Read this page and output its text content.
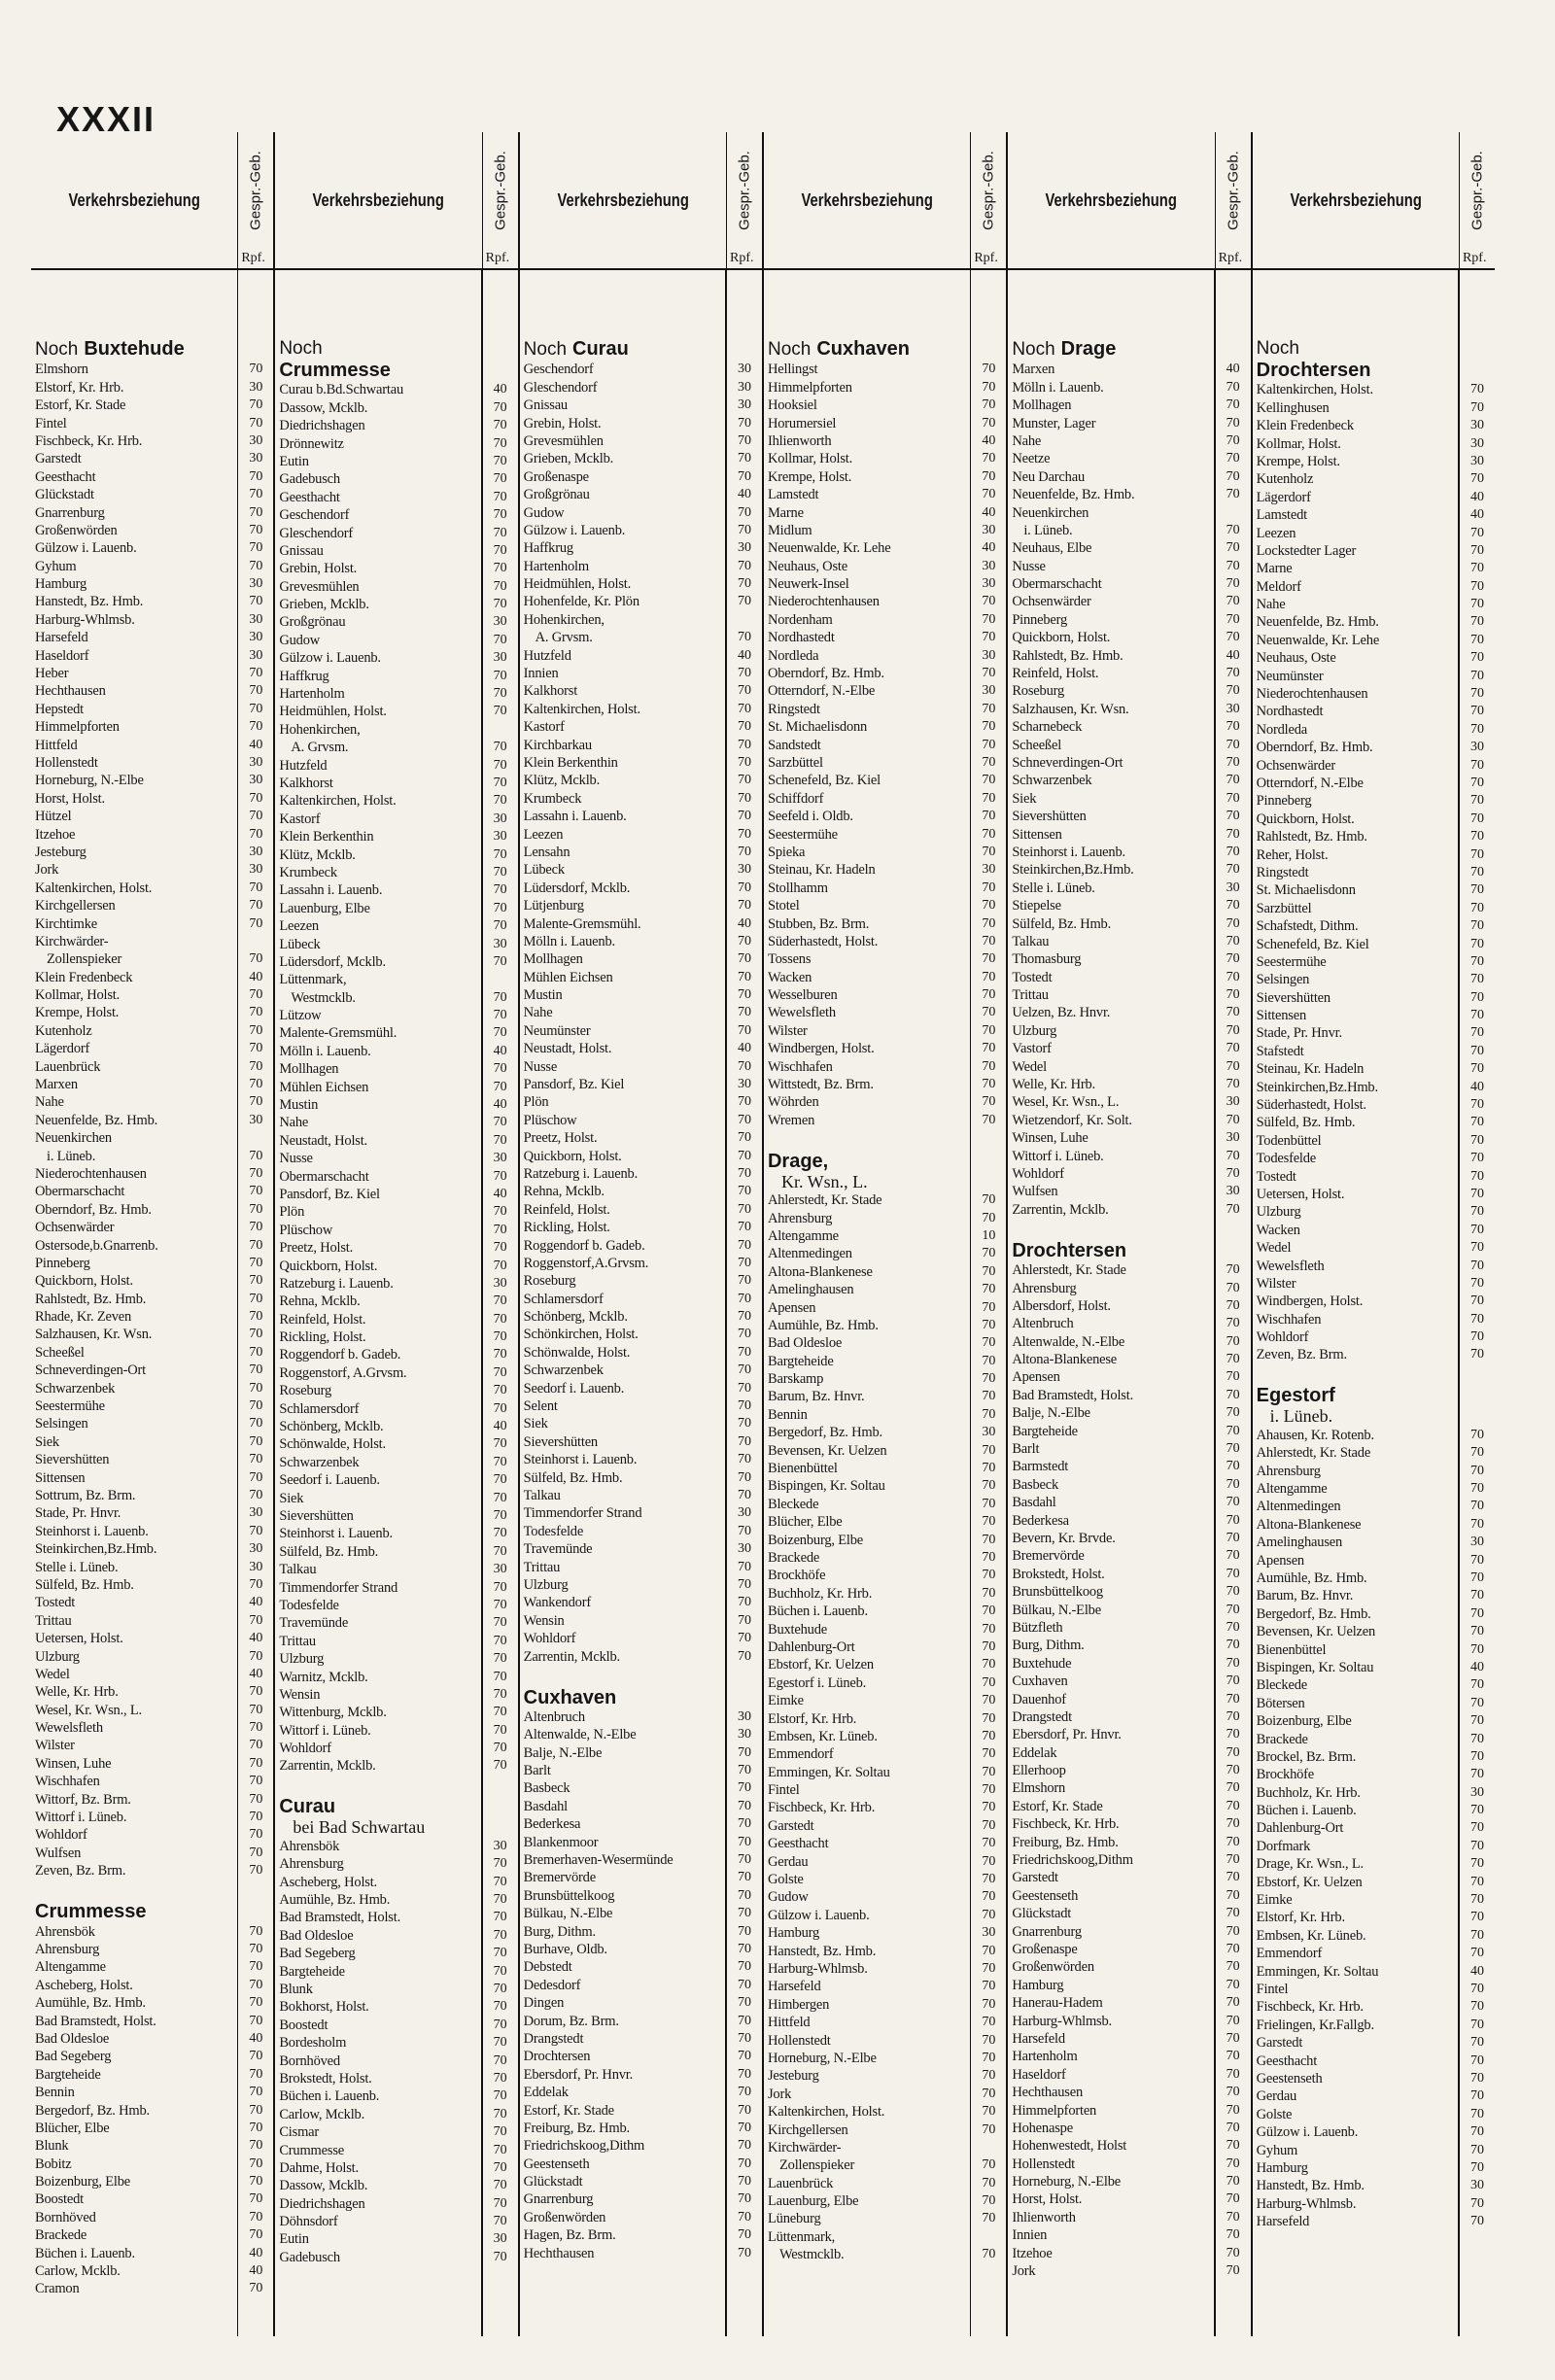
XXXII
Verkehrsbeziehung	Gespr.-Geb.
Rpf.
Noch Buxtehude
Elmshorn	70
Elstorf, Kr. Hrb.	30
Estorf, Kr. Stade	70
Fintel	70
Fischbeck, Kr. Hrb.	30
Garstedt	30
Geesthacht	70
Glückstadt	70
Gnarrenburg	70
Großenwörden	70
Gülzow i. Lauenb.	70
Gyhum	70
Hamburg	30
Hanstedt, Bz. Hmb.	70
Harburg-Whlmsb.	30
Harsefeld	30
Haseldorf	30
Heber	70
Hechthausen	70
Hepstedt	70
Himmelpforten	70
Hittfeld	40
Hollenstedt	30
Horneburg, N.-Elbe	30
Horst, Holst.	70
Hützel	70
Itzehoe	70
Jesteburg	30
Jork	30
Kaltenkirchen, Holst.	70
Kirchgellersen	70
Kirchtimke	70
Kirchwärder-
Zollenspieker	70
Klein Fredenbeck	40
Kollmar, Holst.	70
Krempe, Holst.	70
Kutenholz	70
Lägerdorf	70
Lauenbrück	70
Marxen	70
Nahe	70
Neuenfelde, Bz. Hmb.	30
Neuenkirchen
i. Lüneb.	70
Niederochtenhausen	70
Obermarschacht	70
Oberndorf, Bz. Hmb.	70
Ochsenwärder	70
Ostersode,b.Gnarrenb.	70
Pinneberg	70
Quickborn, Holst.	70
Rahlstedt, Bz. Hmb.	70
Rhade, Kr. Zeven	70
Salzhausen, Kr. Wsn.	70
Scheeßel	70
Schneverdingen-Ort	70
Schwarzenbek	70
Seestermühe	70
Selsingen	70
Siek	70
Sievershütten	70
Sittensen	70
Sottrum, Bz. Brm.	70
Stade, Pr. Hnvr.	30
Steinhorst i. Lauenb.	70
Steinkirchen,Bz.Hmb.	30
Stelle i. Lüneb.	30
Sülfeld, Bz. Hmb.	70
Tostedt	40
Trittau	70
Uetersen, Holst.	40
Ulzburg	70
Wedel	40
Welle, Kr. Hrb.	70
Wesel, Kr. Wsn., L.	70
Wewelsfleth	70
Wilster	70
Winsen, Luhe	70
Wischhafen	70
Wittorf, Bz. Brm.	70
Wittorf i. Lüneb.	70
Wohldorf	70
Wulfsen	70
Zeven, Bz. Brm.	70
Crummesse
Ahrensbök	70
Ahrensburg	70
Altengamme	70
Ascheberg, Holst.	70
Aumühle, Bz. Hmb.	70
Bad Bramstedt, Holst.	70
Bad Oldesloe	40
Bad Segeberg	70
Bargteheide	70
Bennin	70
Bergedorf, Bz. Hmb.	70
Blücher, Elbe	70
Blunk	70
Bobitz	70
Boizenburg, Elbe	70
Boostedt	70
Bornhöved	70
Brackede	70
Büchen i. Lauenb.	40
Carlow, Mcklb.	40
Cramon	70
Verkehrsbeziehung	Gespr.-Geb.
Rpf.
Noch
Crummesse
Curau b.Bd.Schwartau	40
Dassow, Mcklb.	70
Diedrichshagen	70
Drönnewitz	70
Eutin	70
Gadebusch	70
Geesthacht	70
Geschendorf	70
Gleschendorf	70
Gnissau	70
Grebin, Holst.	70
Grevesmühlen	70
Grieben, Mcklb.	70
Großgrönau	30
Gudow	70
Gülzow i. Lauenb.	30
Haffkrug	70
Hartenholm	70
Heidmühlen, Holst.	70
Hohenkirchen,
A. Grvsm.	70
Hutzfeld	70
Kalkhorst	70
Kaltenkirchen, Holst.	70
Kastorf	30
Klein Berkenthin	30
Klütz, Mcklb.	70
Krumbeck	70
Lassahn i. Lauenb.	70
Lauenburg, Elbe	70
Leezen	70
Lübeck	30
Lüdersdorf, Mcklb.	70
Lüttenmark,
Westmcklb.	70
Lützow	70
Malente-Gremsmühl.	70
Mölln i. Lauenb.	40
Mollhagen	70
Mühlen Eichsen	70
Mustin	40
Nahe	70
Neustadt, Holst.	70
Nusse	30
Obermarschacht	70
Pansdorf, Bz. Kiel	40
Plön	70
Plüschow	70
Preetz, Holst.	70
Quickborn, Holst.	70
Ratzeburg i. Lauenb.	30
Rehna, Mcklb.	70
Reinfeld, Holst.	70
Rickling, Holst.	70
Roggendorf b. Gadeb.	70
Roggenstorf, A.Grvsm.	70
Roseburg	70
Schlamersdorf	70
Schönberg, Mcklb.	40
Schönwalde, Holst.	70
Schwarzenbek	70
Seedorf i. Lauenb.	70
Siek	70
Sievershütten	70
Steinhorst i. Lauenb.	70
Sülfeld, Bz. Hmb.	70
Talkau	30
Timmendorfer Strand	70
Todesfelde	70
Travemünde	70
Trittau	70
Ulzburg	70
Warnitz, Mcklb.	70
Wensin	70
Wittenburg, Mcklb.	70
Wittorf i. Lüneb.	70
Wohldorf	70
Zarrentin, Mcklb.	70
Curau
bei Bad Schwartau
Ahrensbök	30
Ahrensburg	70
Ascheberg, Holst.	70
Aumühle, Bz. Hmb.	70
Bad Bramstedt, Holst.	70
Bad Oldesloe	70
Bad Segeberg	70
Bargteheide	70
Blunk	70
Bokhorst, Holst.	70
Boostedt	70
Bordesholm	70
Bornhöved	70
Brokstedt, Holst.	70
Büchen i. Lauenb.	70
Carlow, Mcklb.	70
Cismar	70
Crummesse	70
Dahme, Holst.	70
Dassow, Mcklb.	70
Diedrichshagen	70
Döhnsdorf	70
Eutin	30
Gadebusch	70
Verkehrsbeziehung	Gespr.-Geb.
Rpf.
Noch Curau
Geschendorf	30
Gleschendorf	30
Gnissau	30
Grebin, Holst.	70
Grevesmühlen	70
Grieben, Mcklb.	70
Großenaspe	70
Großgrönau	40
Gudow	70
Gülzow i. Lauenb.	70
Haffkrug	30
Hartenholm	70
Heidmühlen, Holst.	70
Hohenfelde, Kr. Plön	70
Hohenkirchen,
A. Grvsm.	70
Hutzfeld	40
Innien	70
Kalkhorst	70
Kaltenkirchen, Holst.	70
Kastorf	70
Kirchbarkau	70
Klein Berkenthin	70
Klütz, Mcklb.	70
Krumbeck	70
Lassahn i. Lauenb.	70
Leezen	70
Lensahn	70
Lübeck	30
Lüdersdorf, Mcklb.	70
Lütjenburg	70
Malente-Gremsmühl.	40
Mölln i. Lauenb.	70
Mollhagen	70
Mühlen Eichsen	70
Mustin	70
Nahe	70
Neumünster	70
Neustadt, Holst.	40
Nusse	70
Pansdorf, Bz. Kiel	30
Plön	70
Plüschow	70
Preetz, Holst.	70
Quickborn, Holst.	70
Ratzeburg i. Lauenb.	70
Rehna, Mcklb.	70
Reinfeld, Holst.	70
Rickling, Holst.	70
Roggendorf b. Gadeb.	70
Roggenstorf,A.Grvsm.	70
Roseburg	70
Schlamersdorf	70
Schönberg, Mcklb.	70
Schönkirchen, Holst.	70
Schönwalde, Holst.	70
Schwarzenbek	70
Seedorf i. Lauenb.	70
Selent	70
Siek	70
Sievershütten	70
Steinhorst i. Lauenb.	70
Sülfeld, Bz. Hmb.	70
Talkau	70
Timmendorfer Strand	30
Todesfelde	70
Travemünde	30
Trittau	70
Ulzburg	70
Wankendorf	70
Wensin	70
Wohldorf	70
Zarrentin, Mcklb.	70
Cuxhaven
Altenbruch	30
Altenwalde, N.-Elbe	30
Balje, N.-Elbe	70
Barlt	70
Basbeck	70
Basdahl	70
Bederkesa	70
Blankenmoor	70
Bremerhaven-Wesermünde	70
Bremervörde	70
Brunsbüttelkoog	70
Bülkau, N.-Elbe	70
Burg, Dithm.	70
Burhave, Oldb.	70
Debstedt	70
Dedesdorf	70
Dingen	70
Dorum, Bz. Brm.	70
Drangstedt	70
Drochtersen	70
Ebersdorf, Pr. Hnvr.	70
Eddelak	70
Estorf, Kr. Stade	70
Freiburg, Bz. Hmb.	70
Friedrichskoog,Dithm	70
Geestenseth	70
Glückstadt	70
Gnarrenburg	70
Großenwörden	70
Hagen, Bz. Brm.	70
Hechthausen	70
Verkehrsbeziehung	Gespr.-Geb.
Rpf.
Noch Cuxhaven
Hellingst	70
Himmelpforten	70
Hooksiel	70
Horumersiel	70
Ihlienworth	40
Kollmar, Holst.	70
Krempe, Holst.	70
Lamstedt	70
Marne	40
Midlum	30
Neuenwalde, Kr. Lehe	40
Neuhaus, Oste	30
Neuwerk-Insel	30
Niederochtenhausen	70
Nordenham	70
Nordhastedt	70
Nordleda	30
Oberndorf, Bz. Hmb.	70
Otterndorf, N.-Elbe	30
Ringstedt	70
St. Michaelisdonn	70
Sandstedt	70
Sarzbüttel	70
Schenefeld, Bz. Kiel	70
Schiffdorf	70
Seefeld i. Oldb.	70
Seestermühe	70
Spieka	70
Steinau, Kr. Hadeln	30
Stollhamm	70
Stotel	70
Stubben, Bz. Brm.	70
Süderhastedt, Holst.	70
Tossens	70
Wacken	70
Wesselburen	70
Wewelsfleth	70
Wilster	70
Windbergen, Holst.	70
Wischhafen	70
Wittstedt, Bz. Brm.	70
Wöhrden	70
Wremen	70
Drage,
Kr. Wsn., L.
Ahlerstedt, Kr. Stade	70
Ahrensburg	70
Altengamme	10
Altenmedingen	70
Altona-Blankenese	70
Amelinghausen	70
Apensen	70
Aumühle, Bz. Hmb.	70
Bad Oldesloe	70
Bargteheide	70
Barskamp	70
Barum, Bz. Hnvr.	70
Bennin	70
Bergedorf, Bz. Hmb.	30
Bevensen, Kr. Uelzen	70
Bienenbüttel	70
Bispingen, Kr. Soltau	70
Bleckede	70
Blücher, Elbe	70
Boizenburg, Elbe	70
Brackede	70
Brockhöfe	70
Buchholz, Kr. Hrb.	70
Büchen i. Lauenb.	70
Buxtehude	70
Dahlenburg-Ort	70
Ebstorf, Kr. Uelzen	70
Egestorf i. Lüneb.	70
Eimke	70
Elstorf, Kr. Hrb.	70
Embsen, Kr. Lüneb.	70
Emmendorf	70
Emmingen, Kr. Soltau	70
Fintel	70
Fischbeck, Kr. Hrb.	70
Garstedt	70
Geesthacht	70
Gerdau	70
Golste	70
Gudow	70
Gülzow i. Lauenb.	70
Hamburg	30
Hanstedt, Bz. Hmb.	70
Harburg-Whlmsb.	70
Harsefeld	70
Himbergen	70
Hittfeld	70
Hollenstedt	70
Horneburg, N.-Elbe	70
Jesteburg	70
Jork	70
Kaltenkirchen, Holst.	70
Kirchgellersen	70
Kirchwärder-
Zollenspieker	70
Lauenbrück	70
Lauenburg, Elbe	70
Lüneburg	70
Lüttenmark,
Westmcklb.	70
Verkehrsbeziehung	Gespr.-Geb.
Rpf.
Noch Drage
Marxen	40
Mölln i. Lauenb.	70
Mollhagen	70
Munster, Lager	70
Nahe	70
Neetze	70
Neu Darchau	70
Neuenfelde, Bz. Hmb.	70
Neuenkirchen
i. Lüneb.	70
Neuhaus, Elbe	70
Nusse	70
Obermarschacht	70
Ochsenwärder	70
Pinneberg	70
Quickborn, Holst.	70
Rahlstedt, Bz. Hmb.	40
Reinfeld, Holst.	70
Roseburg	70
Salzhausen, Kr. Wsn.	30
Scharnebeck	70
Scheeßel	70
Schneverdingen-Ort	70
Schwarzenbek	70
Siek	70
Sievershütten	70
Sittensen	70
Steinhorst i. Lauenb.	70
Steinkirchen,Bz.Hmb.	70
Stelle i. Lüneb.	30
Stiepelse	70
Sülfeld, Bz. Hmb.	70
Talkau	70
Thomasburg	70
Tostedt	70
Trittau	70
Uelzen, Bz. Hnvr.	70
Ulzburg	70
Vastorf	70
Wedel	70
Welle, Kr. Hrb.	70
Wesel, Kr. Wsn., L.	30
Wietzendorf, Kr. Solt.	70
Winsen, Luhe	30
Wittorf i. Lüneb.	70
Wohldorf	70
Wulfsen	30
Zarrentin, Mcklb.	70
Drochtersen
Ahlerstedt, Kr. Stade	70
Ahrensburg	70
Albersdorf, Holst.	70
Altenbruch	70
Altenwalde, N.-Elbe	70
Altona-Blankenese	70
Apensen	70
Bad Bramstedt, Holst.	70
Balje, N.-Elbe	70
Bargteheide	70
Barlt	70
Barmstedt	70
Basbeck	70
Basdahl	70
Bederkesa	70
Bevern, Kr. Brvde.	70
Bremervörde	70
Brokstedt, Holst.	70
Brunsbüttelkoog	70
Bülkau, N.-Elbe	70
Bützfleth	70
Burg, Dithm.	70
Buxtehude	70
Cuxhaven	70
Dauenhof	70
Drangstedt	70
Ebersdorf, Pr. Hnvr.	70
Eddelak	70
Ellerhoop	70
Elmshorn	70
Estorf, Kr. Stade	70
Fischbeck, Kr. Hrb.	70
Freiburg, Bz. Hmb.	70
Friedrichskoog,Dithm	70
Garstedt	70
Geestenseth	70
Glückstadt	70
Gnarrenburg	70
Großenaspe	70
Großenwörden	70
Hamburg	70
Hanerau-Hadem	70
Harburg-Whlmsb.	70
Harsefeld	70
Hartenholm	70
Haseldorf	70
Hechthausen	70
Himmelpforten	70
Hohenaspe	70
Hohenwestedt, Holst	70
Hollenstedt	70
Horneburg, N.-Elbe	70
Horst, Holst.	70
Ihlienworth	70
Innien	70
Itzehoe	70
Jork	70
Verkehrsbeziehung	Gespr.-Geb.
Rpf.
Noch
Drochtersen
Kaltenkirchen, Holst.	70
Kellinghusen	70
Klein Fredenbeck	30
Kollmar, Holst.	30
Krempe, Holst.	30
Kutenholz	70
Lägerdorf	40
Lamstedt	40
Leezen	70
Lockstedter Lager	70
Marne	70
Meldorf	70
Nahe	70
Neuenfelde, Bz. Hmb.	70
Neuenwalde, Kr. Lehe	70
Neuhaus, Oste	70
Neumünster	70
Niederochtenhausen	70
Nordhastedt	70
Nordleda	70
Oberndorf, Bz. Hmb.	30
Ochsenwärder	70
Otterndorf, N.-Elbe	70
Pinneberg	70
Quickborn, Holst.	70
Rahlstedt, Bz. Hmb.	70
Reher, Holst.	70
Ringstedt	70
St. Michaelisdonn	70
Sarzbüttel	70
Schafstedt, Dithm.	70
Schenefeld, Bz. Kiel	70
Seestermühe	70
Selsingen	70
Sievershütten	70
Sittensen	70
Stade, Pr. Hnvr.	70
Stafstedt	70
Steinau, Kr. Hadeln	70
Steinkirchen,Bz.Hmb.	40
Süderhastedt, Holst.	70
Sülfeld, Bz. Hmb.	70
Todenbüttel	70
Todesfelde	70
Tostedt	70
Uetersen, Holst.	70
Ulzburg	70
Wacken	70
Wedel	70
Wewelsfleth	70
Wilster	70
Windbergen, Holst.	70
Wischhafen	70
Wohldorf	70
Zeven, Bz. Brm.	70
Egestorf
i. Lüneb.
Ahausen, Kr. Rotenb.	70
Ahlerstedt, Kr. Stade	70
Ahrensburg	70
Altengamme	70
Altenmedingen	70
Altona-Blankenese	70
Amelinghausen	30
Apensen	70
Aumühle, Bz. Hmb.	70
Barum, Bz. Hnvr.	70
Bergedorf, Bz. Hmb.	70
Bevensen, Kr. Uelzen	70
Bienenbüttel	70
Bispingen, Kr. Soltau	40
Bleckede	70
Bötersen	70
Boizenburg, Elbe	70
Brackede	70
Brockel, Bz. Brm.	70
Brockhöfe	70
Buchholz, Kr. Hrb.	30
Büchen i. Lauenb.	70
Dahlenburg-Ort	70
Dorfmark	70
Drage, Kr. Wsn., L.	70
Ebstorf, Kr. Uelzen	70
Eimke	70
Elstorf, Kr. Hrb.	70
Embsen, Kr. Lüneb.	70
Emmendorf	70
Emmingen, Kr. Soltau	40
Fintel	70
Fischbeck, Kr. Hrb.	70
Frielingen, Kr.Fallgb.	70
Garstedt	70
Geesthacht	70
Geestenseth	70
Gerdau	70
Golste	70
Gülzow i. Lauenb.	70
Gyhum	70
Hamburg	70
Hanstedt, Bz. Hmb.	30
Harburg-Whlmsb.	70
Harsefeld	70
